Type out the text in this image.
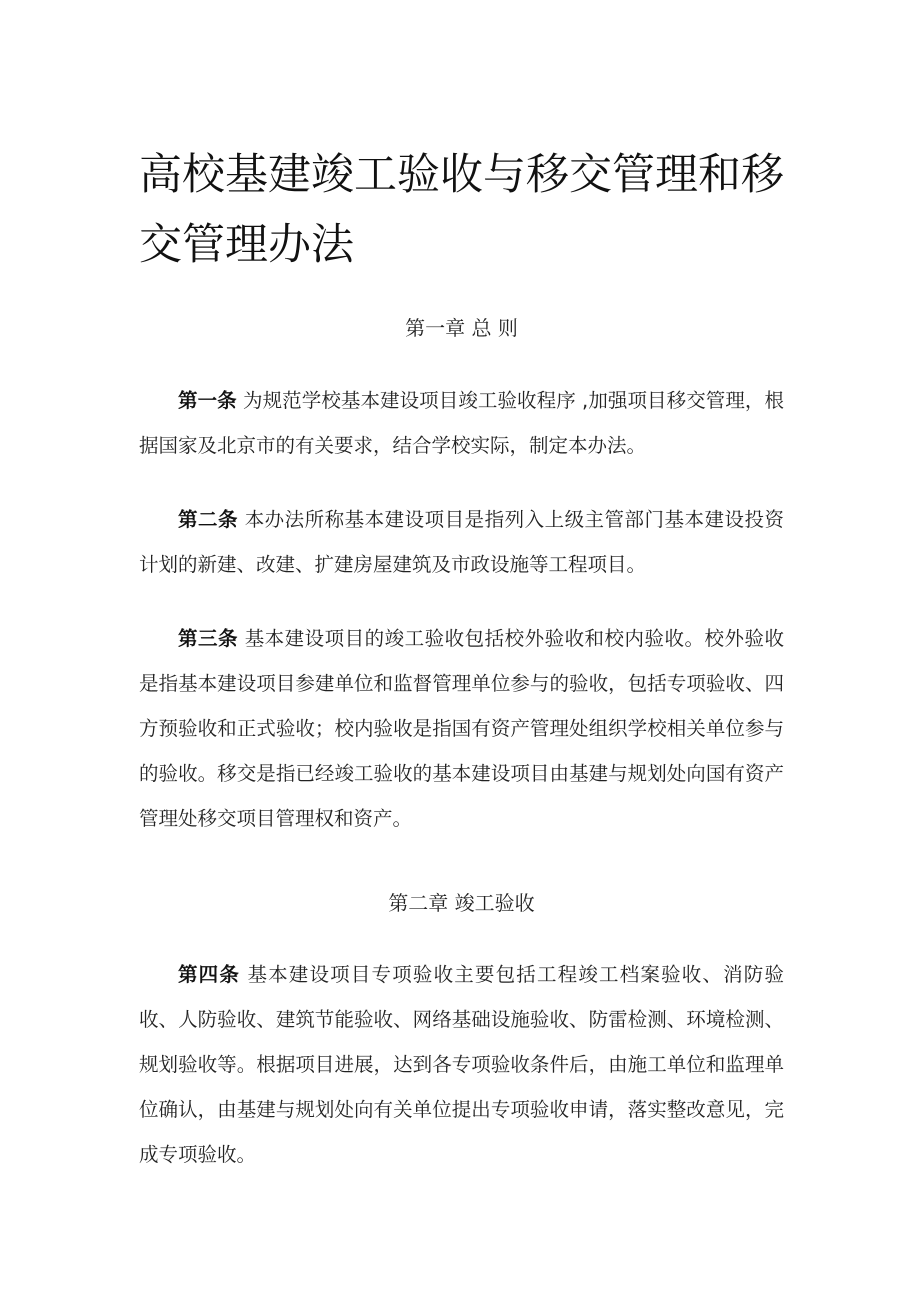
高校基建竣工验收与移交管理和移交管理办法

第一章 总 则

第一条 为规范学校基本建设项目竣工验收程序 ,加强项目移交管理，根据国家及北京市的有关要求，结合学校实际，制定本办法。

第二条 本办法所称基本建设项目是指列入上级主管部门基本建设投资计划的新建、改建、扩建房屋建筑及市政设施等工程项目。

第三条 基本建设项目的竣工验收包括校外验收和校内验收。校外验收是指基本建设项目参建单位和监督管理单位参与的验收，包括专项验收、四方预验收和正式验收；校内验收是指国有资产管理处组织学校相关单位参与的验收。移交是指已经竣工验收的基本建设项目由基建与规划处向国有资产管理处移交项目管理权和资产。

第二章 竣工验收

第四条 基本建设项目专项验收主要包括工程竣工档案验收、消防验收、人防验收、建筑节能验收、网络基础设施验收、防雷检测、环境检测、规划验收等。根据项目进展，达到各专项验收条件后，由施工单位和监理单位确认，由基建与规划处向有关单位提出专项验收申请，落实整改意见，完成专项验收。
